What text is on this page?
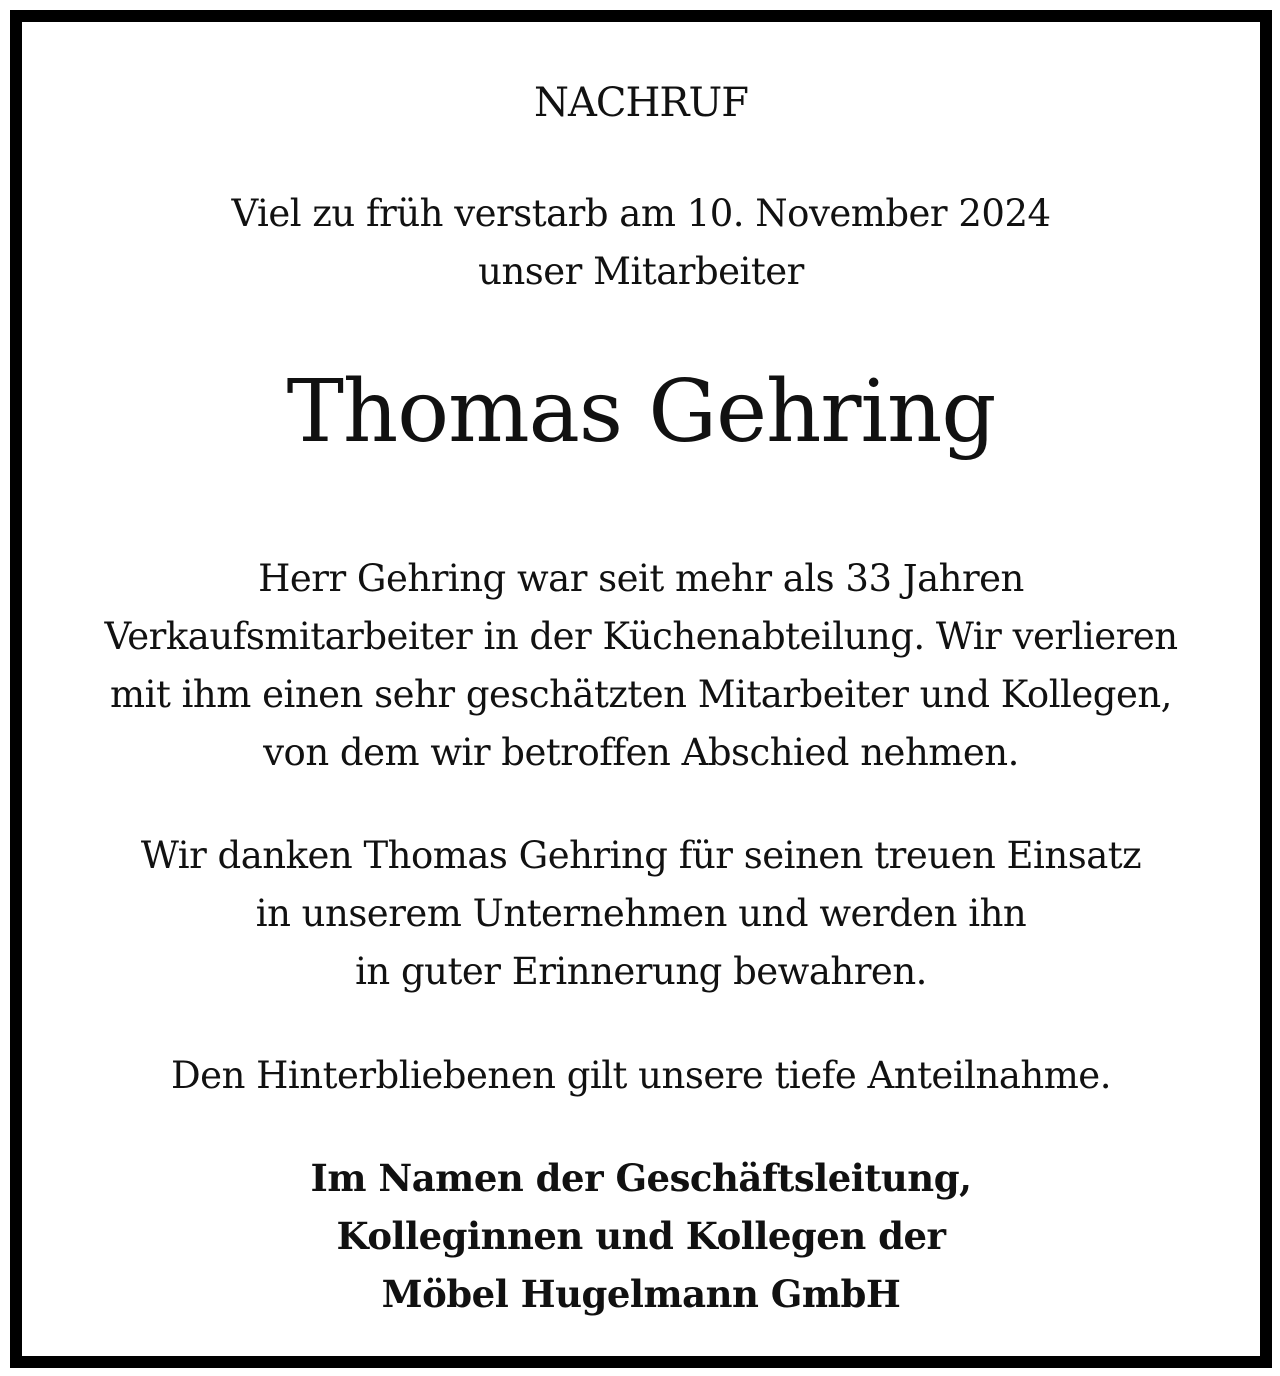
NACHRUF
Viel zu früh verstarb am 10. November 2024
unser Mitarbeiter
Thomas Gehring
Herr Gehring war seit mehr als 33 Jahren
Verkaufsmitarbeiter in der Küchenabteilung. Wir verlieren
mit ihm einen sehr geschätzten Mitarbeiter und Kollegen,
von dem wir betroffen Abschied nehmen.
Wir danken Thomas Gehring für seinen treuen Einsatz
in unserem Unternehmen und werden ihn
in guter Erinnerung bewahren.
Den Hinterbliebenen gilt unsere tiefe Anteilnahme.
Im Namen der Geschäftsleitung,
Kolleginnen und Kollegen der
Möbel Hugelmann GmbH
